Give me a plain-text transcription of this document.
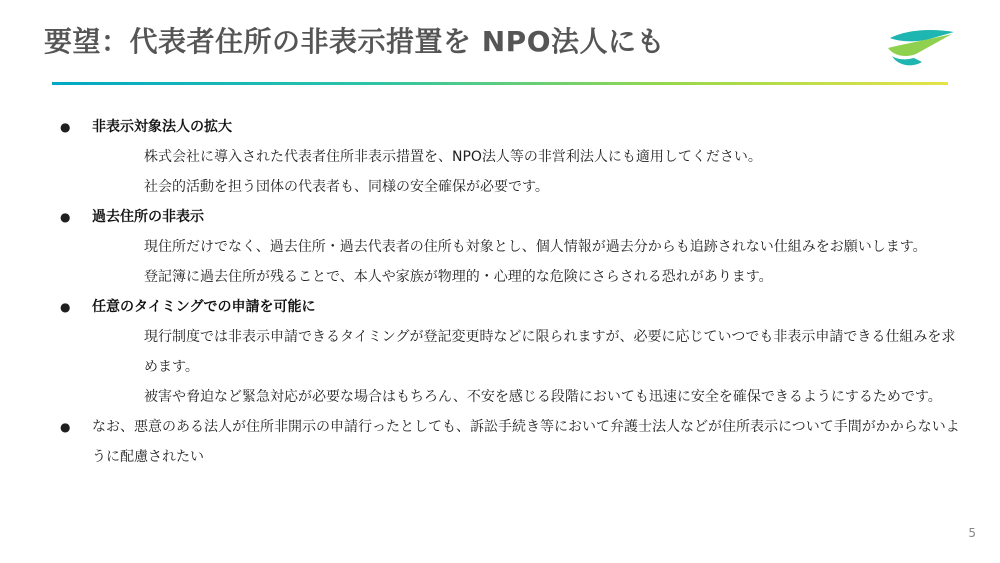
要望：代表者住所の非表示措置を NPO法人にも
● 非表示対象法人の拡大
株式会社に導入された代表者住所非表示措置を、NPO法人等の非営利法人にも適用してください。
社会的活動を担う団体の代表者も、同様の安全確保が必要です。
● 過去住所の非表示
現住所だけでなく、過去住所・過去代表者の住所も対象とし、個人情報が過去分からも追跡されない仕組みをお願いします。
登記簿に過去住所が残ることで、本人や家族が物理的・心理的な危険にさらされる恐れがあります。
● 任意のタイミングでの申請を可能に
現行制度では非表示申請できるタイミングが登記変更時などに限られますが、必要に応じていつでも非表示申請できる仕組みを求めます。
被害や脅迫など緊急対応が必要な場合はもちろん、不安を感じる段階においても迅速に安全を確保できるようにするためです。
● なお、悪意のある法人が住所非開示の申請行ったとしても、訴訟手続き等において弁護士法人などが住所表示について手間がかからないように配慮されたい
5
